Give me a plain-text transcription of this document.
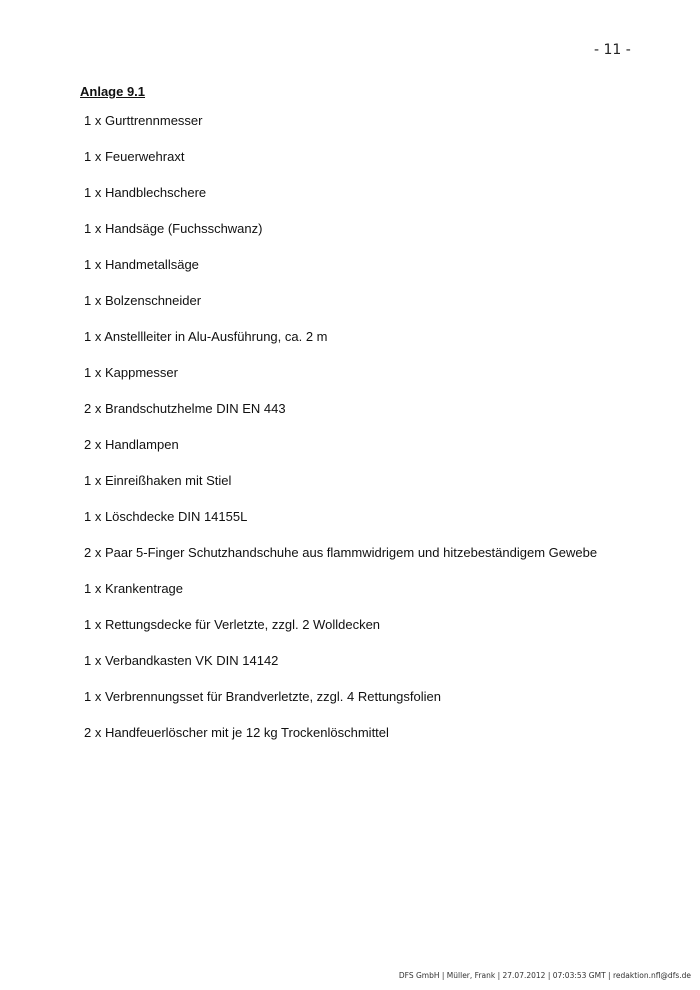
- 11 -
Anlage 9.1
1 x Gurttrennmesser
1 x Feuerwehraxt
1 x Handblechschere
1 x Handsäge (Fuchsschwanz)
1 x Handmetallsäge
1 x Bolzenschneider
1 x Anstellleiter in Alu-Ausführung, ca. 2 m
1 x Kappmesser
2 x Brandschutzhelme DIN EN 443
2 x Handlampen
1 x Einreißhaken mit Stiel
1 x Löschdecke DIN 14155L
2 x Paar 5-Finger Schutzhandschuhe aus flammwidrigem und hitzebeständigem Gewebe
1 x Krankentrage
1 x Rettungsdecke für Verletzte, zzgl. 2 Wolldecken
1 x Verbandkasten VK DIN 14142
1 x Verbrennungsset für Brandverletzte, zzgl. 4 Rettungsfolien
2 x Handfeuerlöscher mit je 12 kg Trockenlöschmittel
DFS GmbH | Müller, Frank | 27.07.2012 | 07:03:53 GMT | redaktion.nfl@dfs.de
